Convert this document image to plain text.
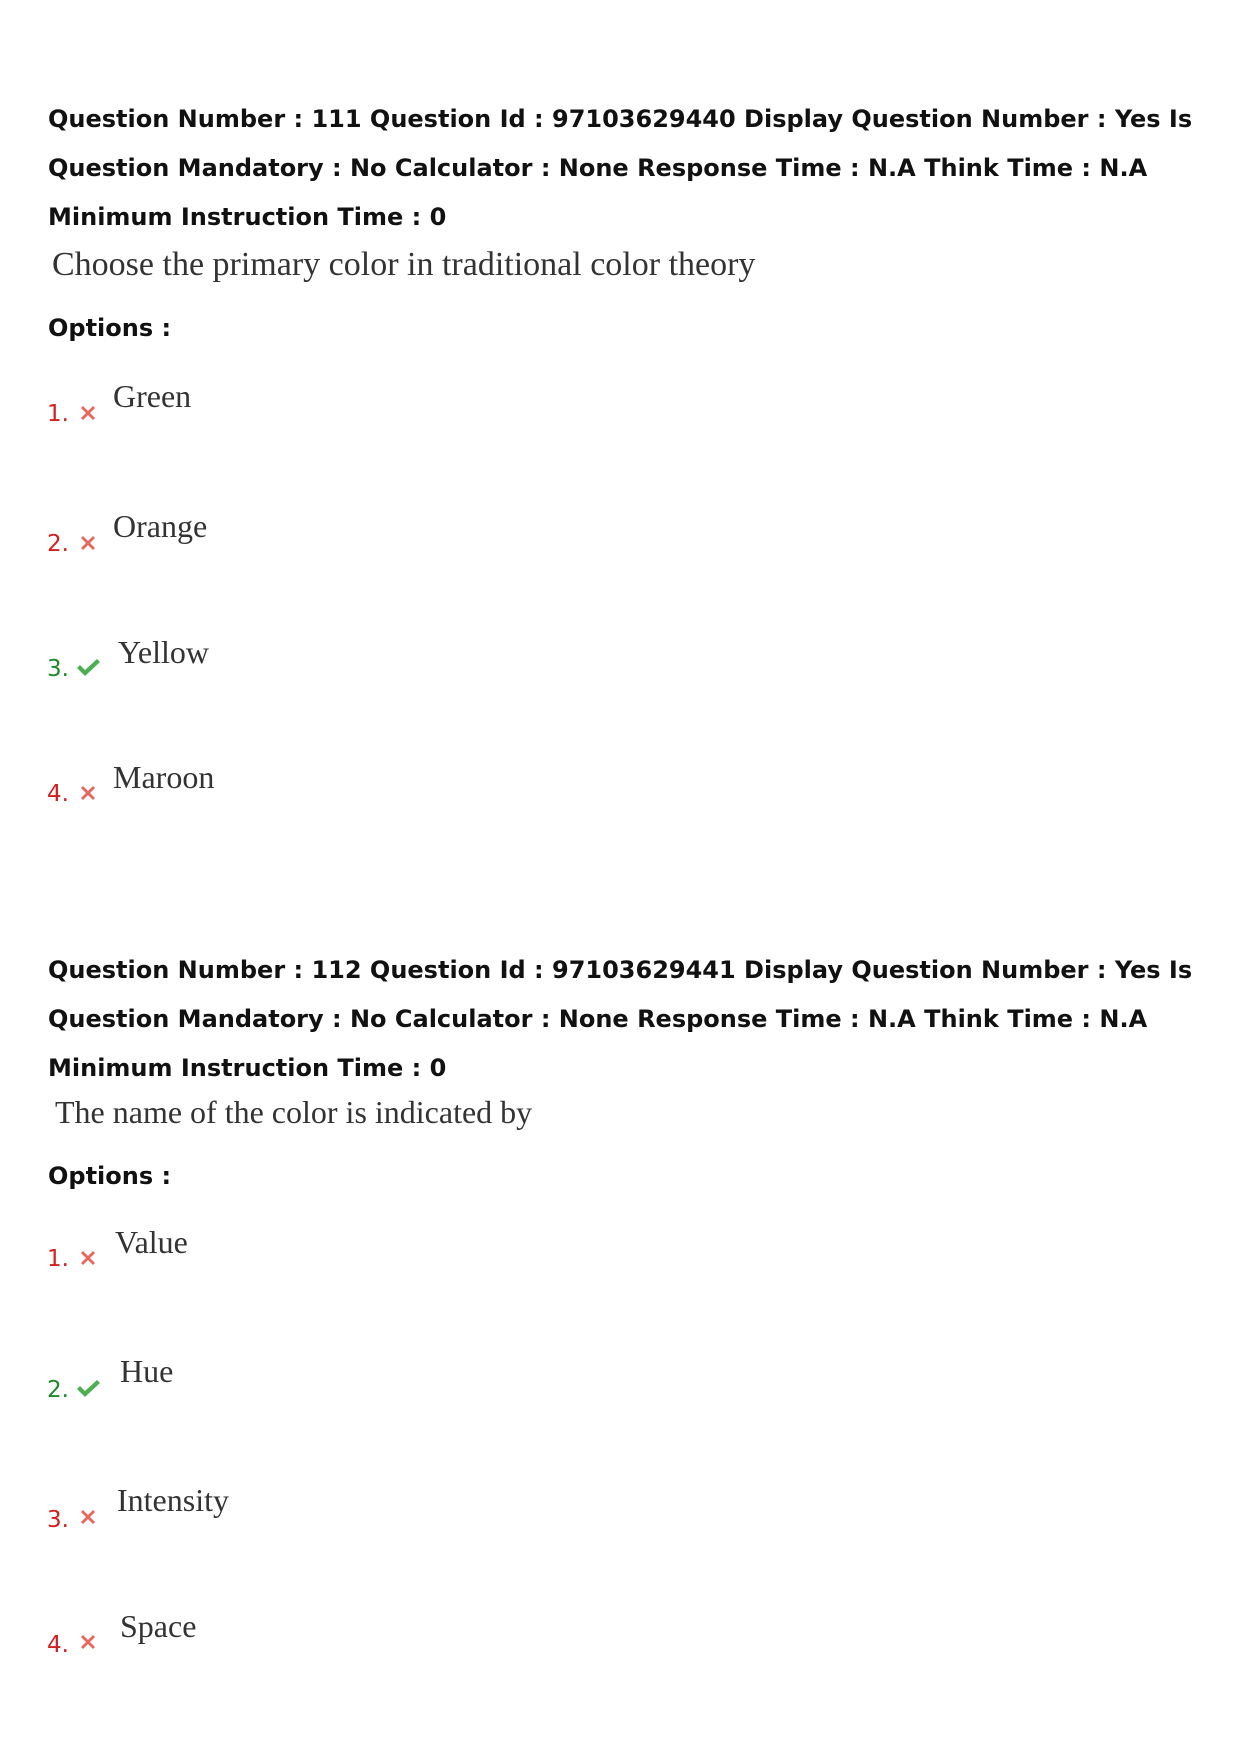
Question Number : 111 Question Id : 97103629440 Display Question Number : Yes Is Question Mandatory : No Calculator : None Response Time : N.A Think Time : N.A Minimum Instruction Time : 0
Choose the primary color in traditional color theory
Options :
1. Green
2. Orange
3. Yellow
4. Maroon
Question Number : 112 Question Id : 97103629441 Display Question Number : Yes Is Question Mandatory : No Calculator : None Response Time : N.A Think Time : N.A Minimum Instruction Time : 0
The name of the color is indicated by
Options :
1. Value
2.
Hue
3.
Intensity
4.
Space
